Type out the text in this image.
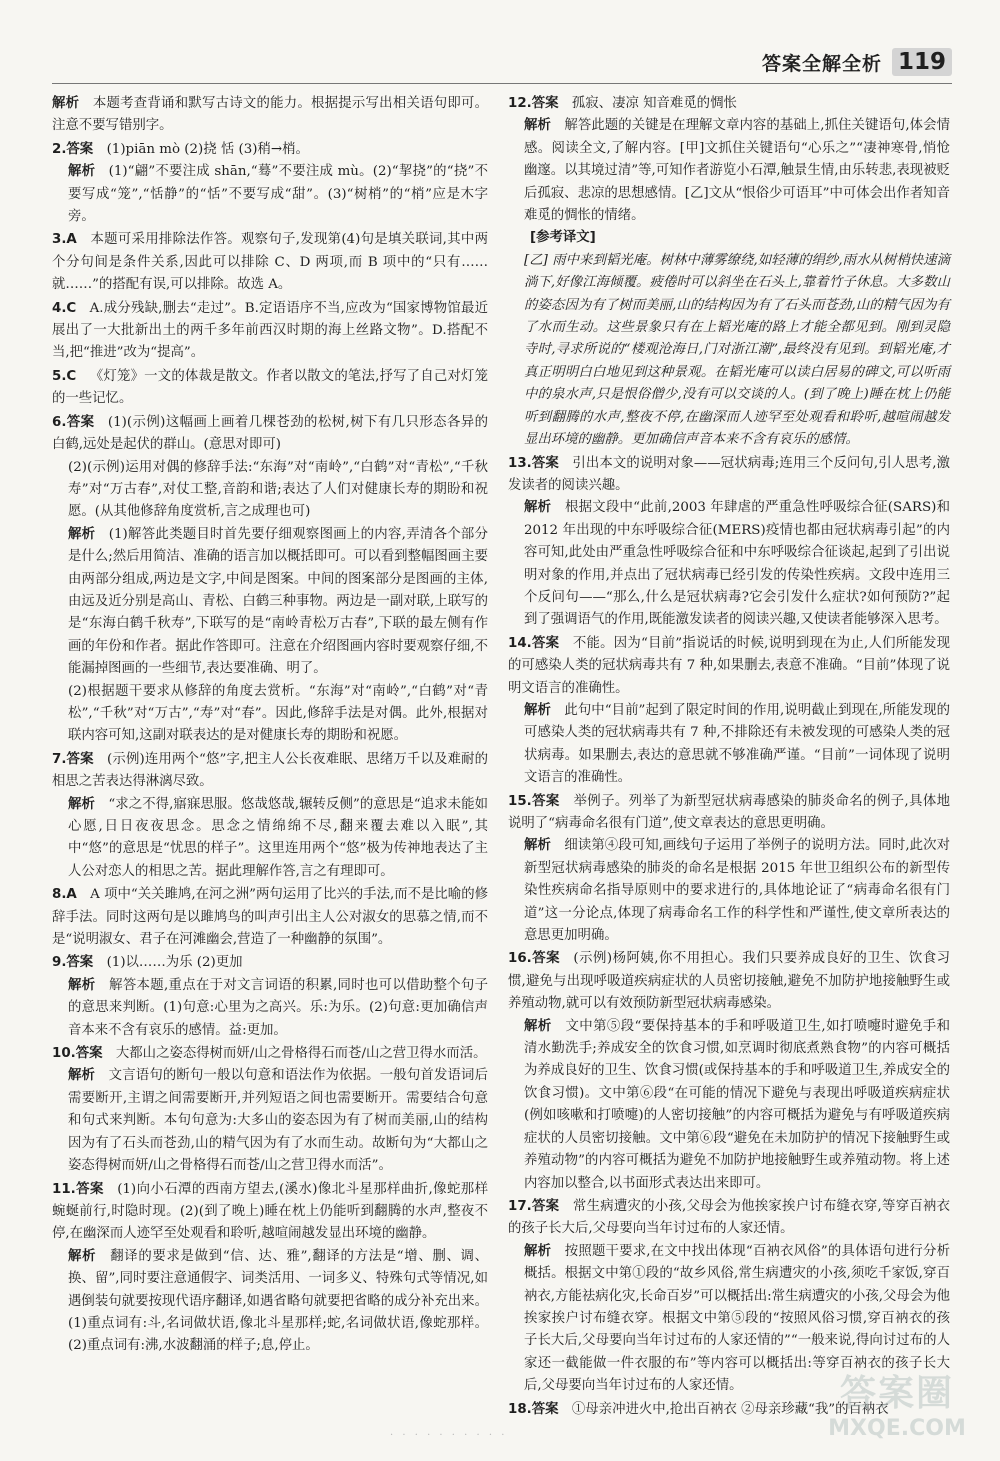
答案全解全析 119

解析  本题考查背诵和默写古诗文的能力。根据提示写出相关语句即可。注意不要写错别字。

2.答案  (1)piān mò (2)挠 恬 (3)稍→梢。

解析  (1)“翩”不要注成 shān,“蓦”不要注成 mù。(2)“挈挠”的“挠”不要写成“笼”,“恬静”的“恬”不要写成“甜”。(3)“树梢”的“梢”应是木字旁。

3.A  本题可采用排除法作答。观察句子,发现第(4)句是填关联词,其中两个分句间是条件关系,因此可以排除 C、D 两项,而 B 项中的“只有……就……”的搭配有误,可以排除。故选 A。

4.C  A.成分残缺,删去“走过”。B.定语语序不当,应改为“国家博物馆最近展出了一大批新出土的两千多年前西汉时期的海上丝路文物”。D.搭配不当,把“推进”改为“提高”。

5.C  《灯笼》一文的体裁是散文。作者以散文的笔法,抒写了自己对灯笼的一些记忆。

6.答案  (1)(示例)这幅画上画着几棵苍劲的松树,树下有几只形态各异的白鹤,远处是起伏的群山。(意思对即可)

(2)(示例)运用对偶的修辞手法:“东海”对“南岭”,“白鹤”对“青松”,“千秋寿”对“万古春”,对仗工整,音韵和谐;表达了人们对健康长寿的期盼和祝愿。(从其他修辞角度赏析,言之成理也可)

解析  (1)解答此类题目时首先要仔细观察图画上的内容,弄清各个部分是什么;然后用简洁、准确的语言加以概括即可。可以看到整幅图画主要由两部分组成,两边是文字,中间是图案。中间的图案部分是图画的主体,由远及近分别是高山、青松、白鹤三种事物。两边是一副对联,上联写的是“东海白鹤千秋寿”,下联写的是“南岭青松万古春”,下联的最左侧有作画的年份和作者。据此作答即可。注意在介绍图画内容时要观察仔细,不能漏掉图画的一些细节,表达要准确、明了。

(2)根据题干要求从修辞的角度去赏析。“东海”对“南岭”,“白鹤”对“青松”,“千秋”对“万古”,“寿”对“春”。因此,修辞手法是对偶。此外,根据对联内容可知,这副对联表达的是对健康长寿的期盼和祝愿。

7.答案  (示例)连用两个“悠”字,把主人公长夜难眠、思绪万千以及难耐的相思之苦表达得淋漓尽致。

解析  “求之不得,寤寐思服。悠哉悠哉,辗转反侧”的意思是“追求未能如心愿,日日夜夜思念。思念之情绵绵不尽,翻来覆去难以入眠”,其中“悠”的意思是“忧思的样子”。这里连用两个“悠”极为传神地表达了主人公对恋人的相思之苦。据此理解作答,言之有理即可。

8.A  A 项中“关关雎鸠,在河之洲”两句运用了比兴的手法,而不是比喻的修辞手法。同时这两句是以雎鸠鸟的叫声引出主人公对淑女的思慕之情,而不是“说明淑女、君子在河滩幽会,营造了一种幽静的氛围”。

9.答案  (1)以……为乐 (2)更加

解析  解答本题,重点在于对文言词语的积累,同时也可以借助整个句子的意思来判断。(1)句意:心里为之高兴。乐:为乐。(2)句意:更加确信声音本来不含有哀乐的感情。益:更加。

10.答案  大都山之姿态得树而妍/山之骨格得石而苍/山之营卫得水而活。

解析  文言语句的断句一般以句意和语法作为依据。一般句首发语词后需要断开,主谓之间需要断开,并列短语之间也需要断开。需要结合句意和句式来判断。本句句意为:大多山的姿态因为有了树而美丽,山的结构因为有了石头而苍劲,山的精气因为有了水而生动。故断句为“大都山之姿态得树而妍/山之骨格得石而苍/山之营卫得水而活”。

11.答案  (1)向小石潭的西南方望去,(溪水)像北斗星那样曲折,像蛇那样蜿蜒前行,时隐时现。(2)(到了晚上)睡在枕上仍能听到翻腾的水声,整夜不停,在幽深而人迹罕至处观看和聆听,越喧闹越发显出环境的幽静。

解析  翻译的要求是做到“信、达、雅”,翻译的方法是“增、删、调、换、留”,同时要注意通假字、词类活用、一词多义、特殊句式等情况,如遇倒装句就要按现代语序翻译,如遇省略句就要把省略的成分补充出来。(1)重点词有:斗,名词做状语,像北斗星那样;蛇,名词做状语,像蛇那样。(2)重点词有:沸,水波翻涌的样子;息,停止。

12.答案  孤寂、凄凉 知音难觅的惆怅

解析  解答此题的关键是在理解文章内容的基础上,抓住关键语句,体会情感。阅读全文,了解内容。[甲]文抓住关键语句“心乐之”“凄神寒骨,悄怆幽邃。以其境过清”等,可知作者游览小石潭,触景生情,由乐转悲,表现被贬后孤寂、悲凉的思想感情。[乙]文从“恨俗少可语耳”中可体会出作者知音难觅的惆怅的情绪。

[参考译文]

[乙] 雨中来到韬光庵。树林中薄雾缭绕,如轻薄的绢纱,雨水从树梢快速滴淌下,好像江海倾覆。疲倦时可以斜坐在石头上,靠着竹子休息。大多数山的姿态因为有了树而美丽,山的结构因为有了石头而苍劲,山的精气因为有了水而生动。这些景象只有在上韬光庵的路上才能全都见到。刚到灵隐寺时,寻求所说的“楼观沧海日,门对浙江潮”,最终没有见到。到韬光庵,才真正明明白白地见到这种景观。在韬光庵可以读白居易的碑文,可以听雨中的泉水声,只是恨俗僧少,没有可以交谈的人。(到了晚上)睡在枕上仍能听到翻腾的水声,整夜不停,在幽深而人迹罕至处观看和聆听,越喧闹越发显出环境的幽静。更加确信声音本来不含有哀乐的感情。

13.答案  引出本文的说明对象——冠状病毒;连用三个反问句,引人思考,激发读者的阅读兴趣。

解析  根据文段中“此前,2003 年肆虐的严重急性呼吸综合征(SARS)和 2012 年出现的中东呼吸综合征(MERS)疫情也都由冠状病毒引起”的内容可知,此处由严重急性呼吸综合征和中东呼吸综合征谈起,起到了引出说明对象的作用,并点出了冠状病毒已经引发的传染性疾病。文段中连用三个反问句——“那么,什么是冠状病毒?它会引发什么症状?如何预防?”起到了强调语气的作用,既能激发读者的阅读兴趣,又使读者能够深入思考。

14.答案  不能。因为“目前”指说话的时候,说明到现在为止,人们所能发现的可感染人类的冠状病毒共有 7 种,如果删去,表意不准确。“目前”体现了说明文语言的准确性。

解析  此句中“目前”起到了限定时间的作用,说明截止到现在,所能发现的可感染人类的冠状病毒共有 7 种,不排除还有未被发现的可感染人类的冠状病毒。如果删去,表达的意思就不够准确严谨。“目前”一词体现了说明文语言的准确性。

15.答案  举例子。列举了为新型冠状病毒感染的肺炎命名的例子,具体地说明了“病毒命名很有门道”,使文章表达的意思更明确。

解析  细读第④段可知,画线句子运用了举例子的说明方法。同时,此次对新型冠状病毒感染的肺炎的命名是根据 2015 年世卫组织公布的新型传染性疾病命名指导原则中的要求进行的,具体地论证了“病毒命名很有门道”这一分论点,体现了病毒命名工作的科学性和严谨性,使文章所表达的意思更加明确。

16.答案  (示例)杨阿姨,你不用担心。我们只要养成良好的卫生、饮食习惯,避免与出现呼吸道疾病症状的人员密切接触,避免不加防护地接触野生或养殖动物,就可以有效预防新型冠状病毒感染。

解析  文中第⑤段“要保持基本的手和呼吸道卫生,如打喷嚏时避免手和清水勤洗手;养成安全的饮食习惯,如烹调时彻底煮熟食物”的内容可概括为养成良好的卫生、饮食习惯(或保持基本的手和呼吸道卫生,养成安全的饮食习惯)。文中第⑥段“在可能的情况下避免与表现出呼吸道疾病症状(例如咳嗽和打喷嚏)的人密切接触”的内容可概括为避免与有呼吸道疾病症状的人员密切接触。文中第⑥段“避免在未加防护的情况下接触野生或养殖动物”的内容可概括为避免不加防护地接触野生或养殖动物。将上述内容加以整合,以书面形式表达出来即可。

17.答案  常生病遭灾的小孩,父母会为他挨家挨户讨布缝衣穿,等穿百衲衣的孩子长大后,父母要向当年讨过布的人家还情。

解析  按照题干要求,在文中找出体现“百衲衣风俗”的具体语句进行分析概括。根据文中第①段的“故乡风俗,常生病遭灾的小孩,须吃千家饭,穿百衲衣,方能祛病化灾,长命百岁”可以概括出:常生病遭灾的小孩,父母会为他挨家挨户讨布缝衣穿。根据文中第⑤段的“按照风俗习惯,穿百衲衣的孩子长大后,父母要向当年讨过布的人家还情的”“一般来说,得向讨过布的人家还一截能做一件衣服的布”等内容可以概括出:等穿百衲衣的孩子长大后,父母要向当年讨过布的人家还情。

18.答案  ①母亲冲进火中,抢出百衲衣 ②母亲珍藏“我”的百衲衣

· · · · · · · · · ·
答案圈
MXQE.COM
